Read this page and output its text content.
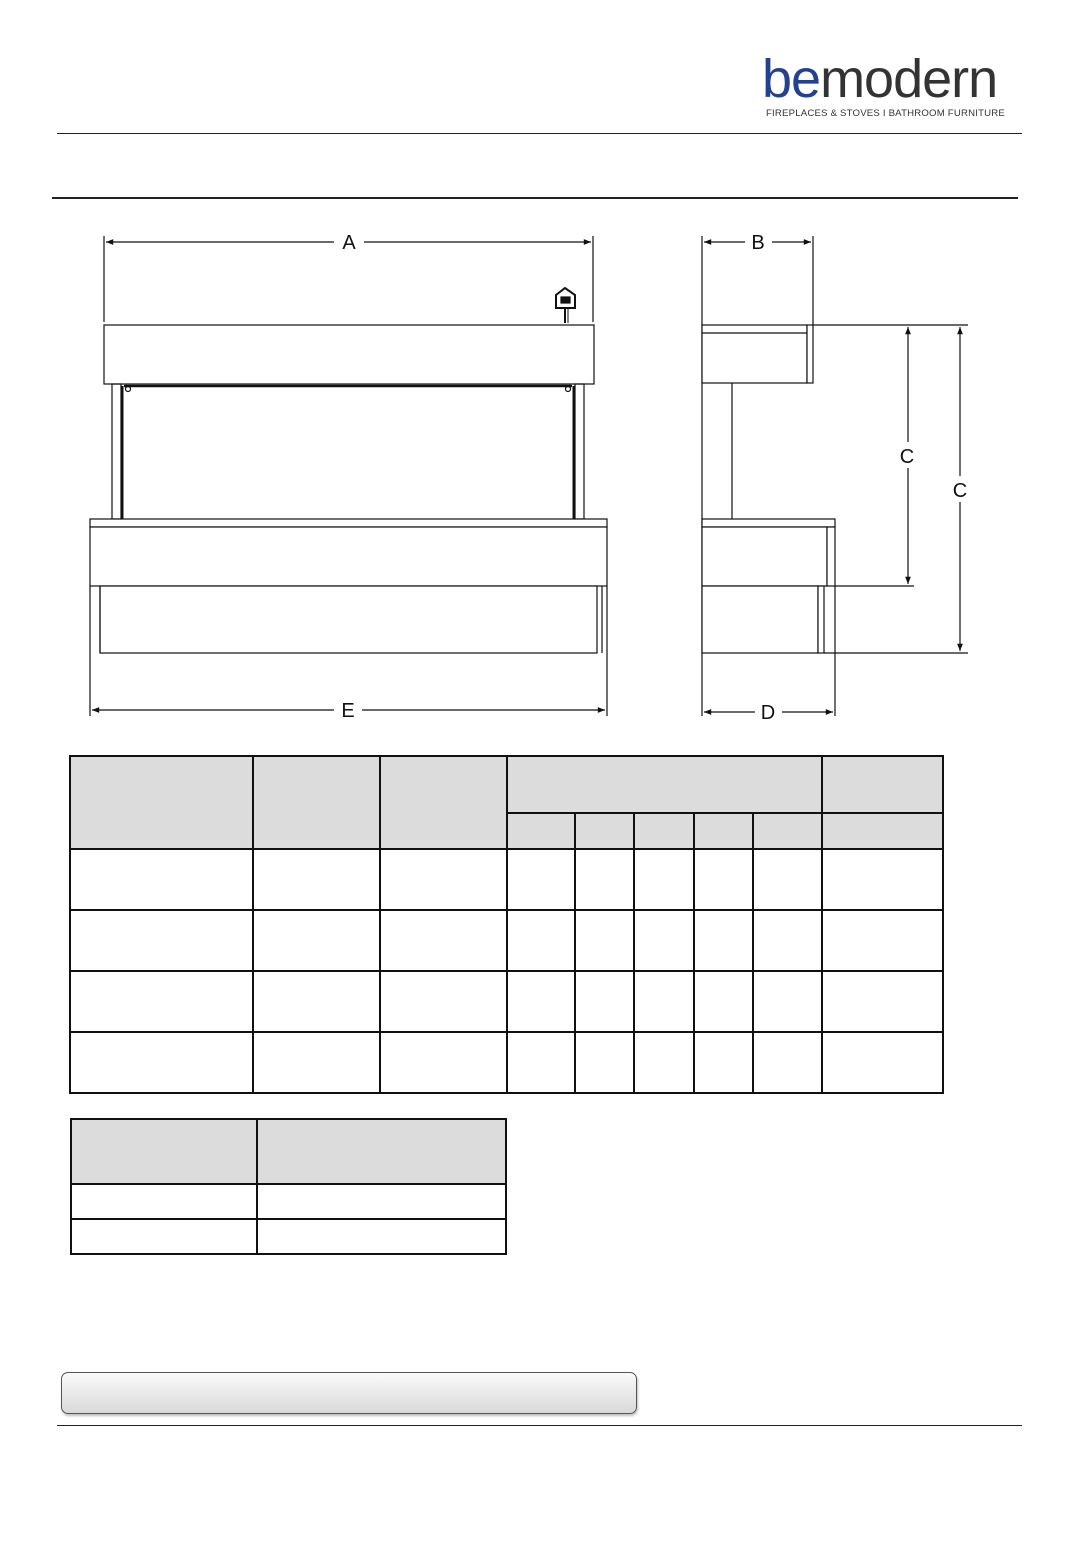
bemodern
FIREPLACES & STOVES I BATHROOM FURNITURE
A	B
C
C
E	D
